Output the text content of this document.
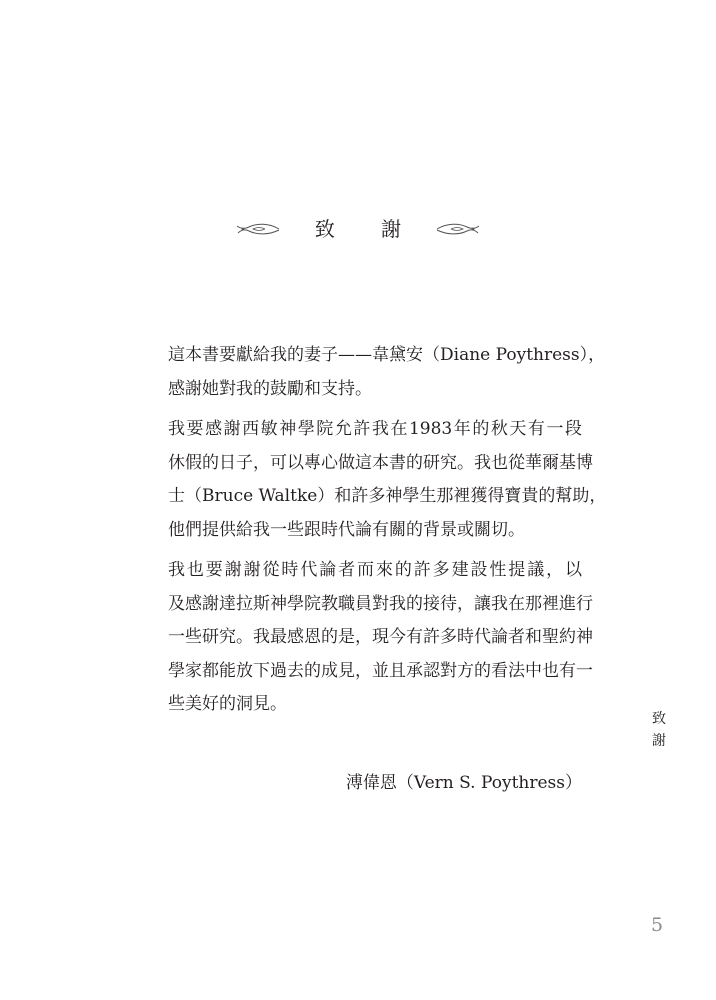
致 謝

這本書要獻給我的妻子——韋黛安（Diane Poythress），
感謝她對我的鼓勵和支持。

我要感謝西敏神學院允許我在1983年的秋天有一段
休假的日子，可以專心做這本書的研究。我也從華爾基博
士（Bruce Waltke）和許多神學生那裡獲得寶貴的幫助，
他們提供給我一些跟時代論有關的背景或關切。

我也要謝謝從時代論者而來的許多建設性提議，以
及感謝達拉斯神學院教職員對我的接待，讓我在那裡進行
一些研究。我最感恩的是，現今有許多時代論者和聖約神
學家都能放下過去的成見，並且承認對方的看法中也有一
些美好的洞見。

溥偉恩（Vern S. Poythress）
致
謝
5
